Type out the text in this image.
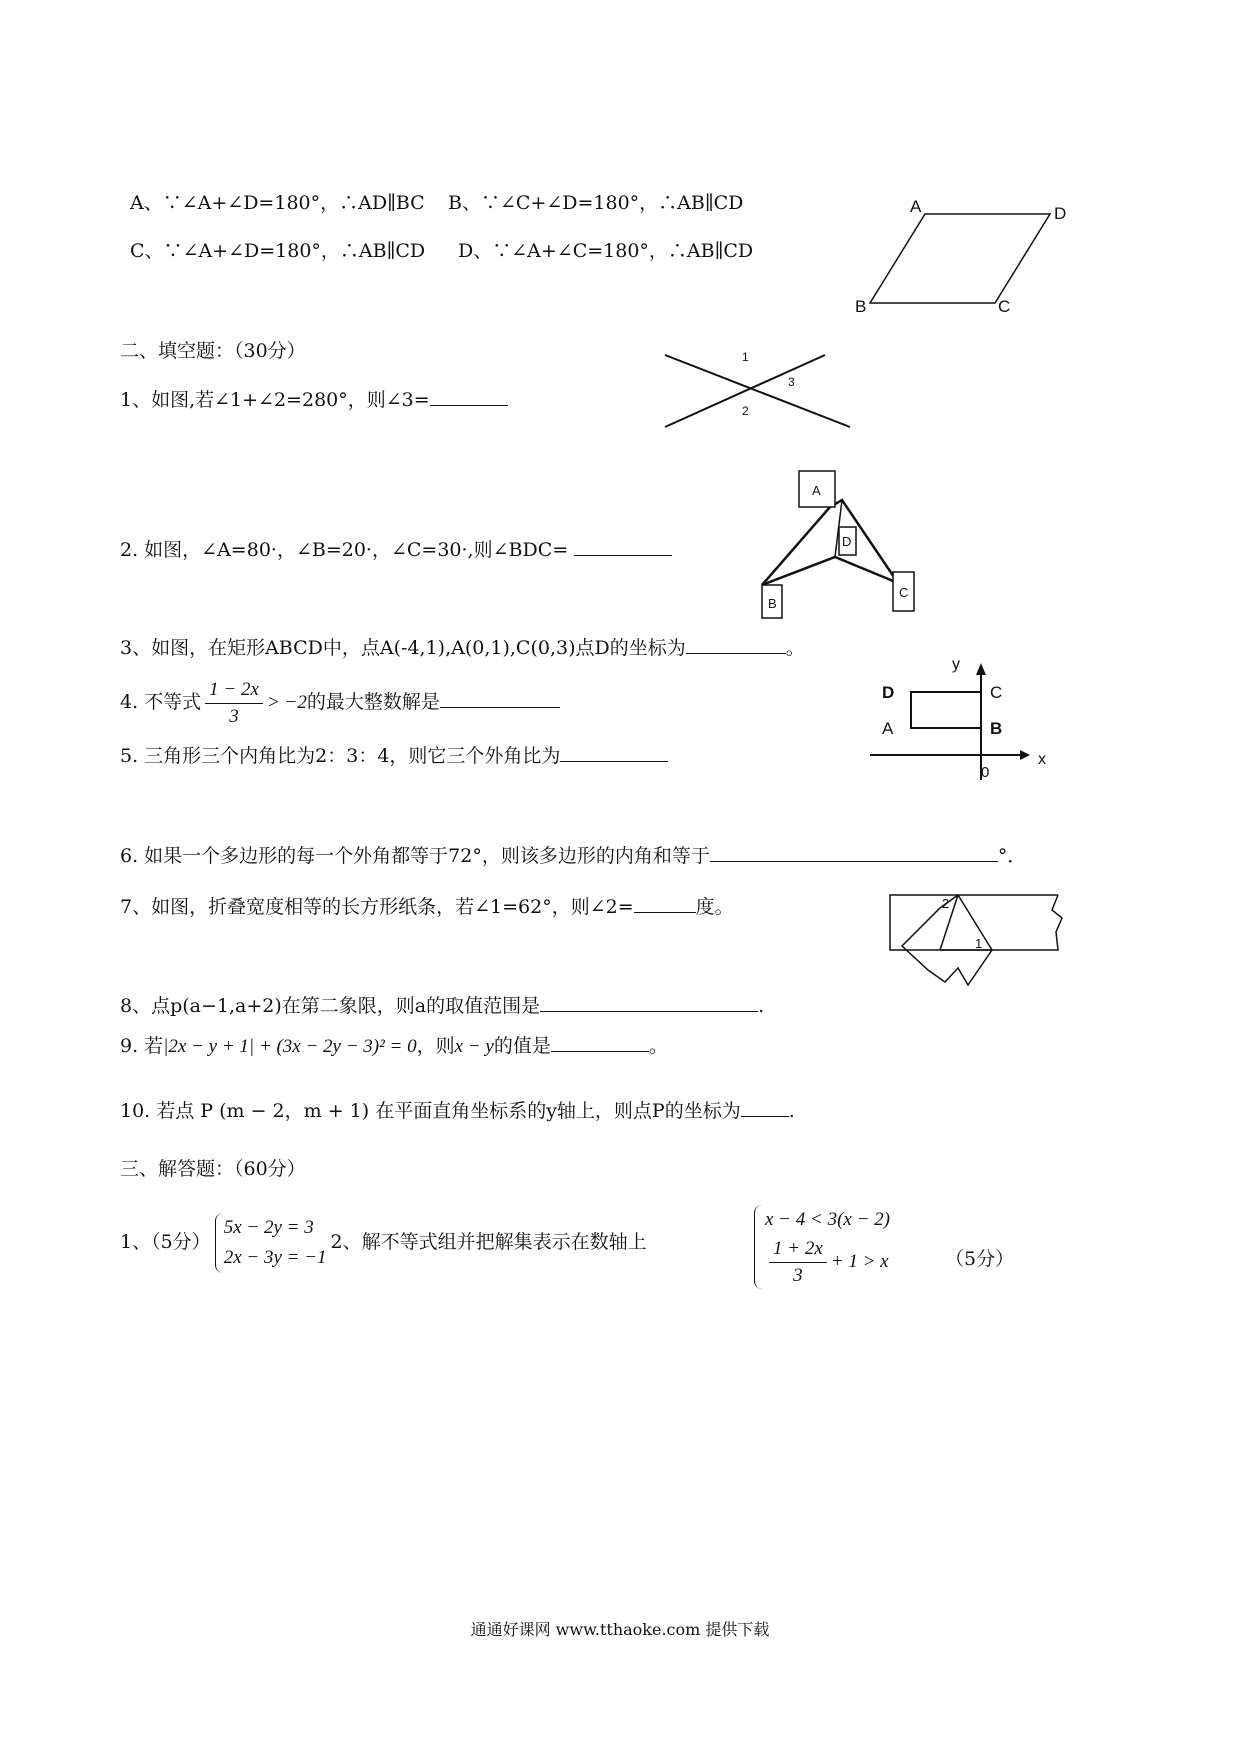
A、∵∠A+∠D=180°，∴AD∥BC B、∵∠C+∠D=180°，∴AB∥CD
C、∵∠A+∠D=180°，∴AB∥CD D、∵∠A+∠C=180°，∴AB∥CD
A	D
B	C
二、填空题：（30分）
1、如图,若∠1+∠2=280°，则∠3=
1
3
2
2. 如图，∠A=80·，∠B=20·，∠C=30·,则∠BDC=
A
B
C
D
3、如图，在矩形ABCD中，点A(-4,1),A(0,1),C(0,3)点D的坐标为	。
4. 不等式 $\frac{1 - 2x}{3} > -2$的最大整数解是
y
x
D	C
A	B
0
5. 三角形三个内角比为2：3：4，则它三个外角比为
6. 如果一个多边形的每一个外角都等于72°，则该多边形的内角和等于	°．
7、如图，折叠宽度相等的长方形纸条，若∠1=62°，则∠2=	度。	2
1
8、点p(a−1,a+2)在第二象限，则a的取值范围是	.
9. 若|2x − y + 1| + (3x − 2y − 3)² = 0，则x − y的值是	。
10. 若点 P (m − 2，m + 1) 在平面直角坐标系的y轴上，则点P的坐标为	.
三、解答题：（60分）
1、（5分）
5x − 2y = 3
2x − 3y = −1
2、解不等式组并把解集表示在数轴上
x − 4 < 3(x − 2)
$\frac{1 + 2x}{3} + 1 > x$	（5分）
通通好课网 www.tthaoke.com 提供下载
